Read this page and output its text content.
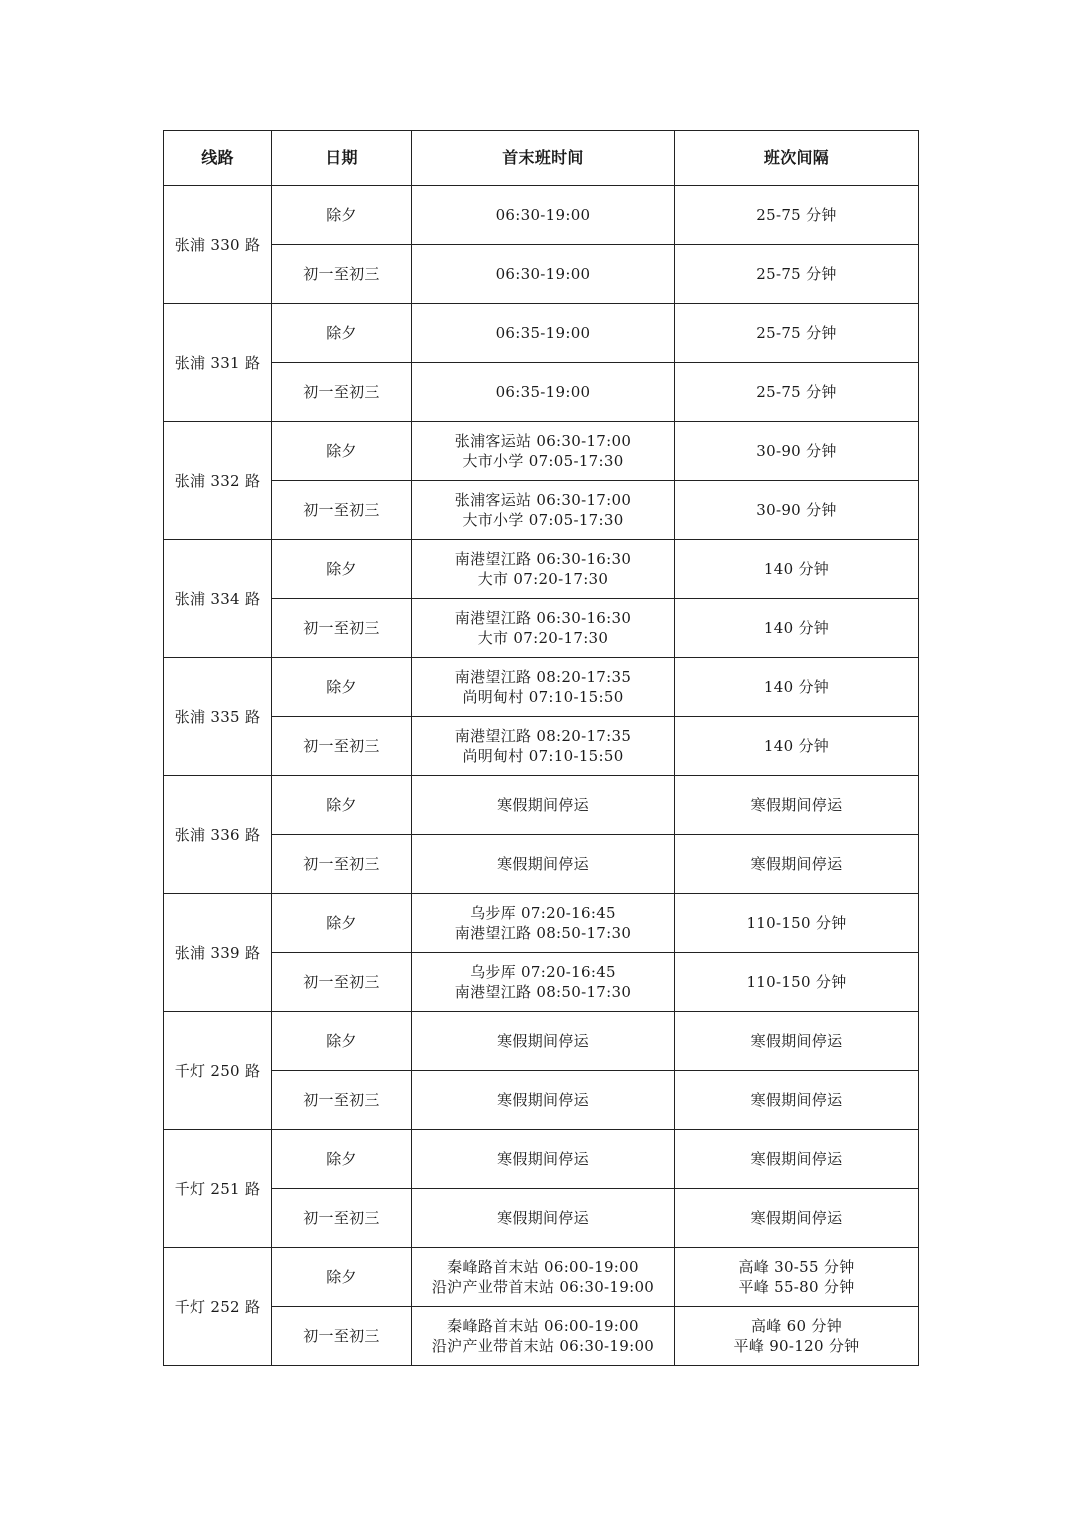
线路	日期	首末班时间	班次间隔
张浦 330 路	除夕	06:30-19:00	25-75 分钟

	初一至初三	06:30-19:00	25-75 分钟

张浦 331 路	除夕	06:35-19:00	25-75 分钟

	初一至初三	06:35-19:00	25-75 分钟

张浦 332 路	除夕	张浦客运站 06:30-17:00
大市小学 07:05-17:30	30-90 分钟

	初一至初三	张浦客运站 06:30-17:00
大市小学 07:05-17:30	30-90 分钟

张浦 334 路	除夕	南港望江路 06:30-16:30
大市 07:20-17:30	140 分钟

	初一至初三	南港望江路 06:30-16:30
大市 07:20-17:30	140 分钟

张浦 335 路	除夕	南港望江路 08:20-17:35
尚明甸村 07:10-15:50	140 分钟

	初一至初三	南港望江路 08:20-17:35
尚明甸村 07:10-15:50	140 分钟

张浦 336 路	除夕	寒假期间停运	寒假期间停运

	初一至初三	寒假期间停运	寒假期间停运

张浦 339 路	除夕	乌步厍 07:20-16:45
南港望江路 08:50-17:30	110-150 分钟

	初一至初三	乌步厍 07:20-16:45
南港望江路 08:50-17:30	110-150 分钟

千灯 250 路	除夕	寒假期间停运	寒假期间停运

	初一至初三	寒假期间停运	寒假期间停运

千灯 251 路	除夕	寒假期间停运	寒假期间停运

	初一至初三	寒假期间停运	寒假期间停运

千灯 252 路	除夕	秦峰路首末站 06:00-19:00
沿沪产业带首末站 06:30-19:00	高峰 30-55 分钟
平峰 55-80 分钟

	初一至初三	秦峰路首末站 06:00-19:00
沿沪产业带首末站 06:30-19:00	高峰 60 分钟
平峰 90-120 分钟
